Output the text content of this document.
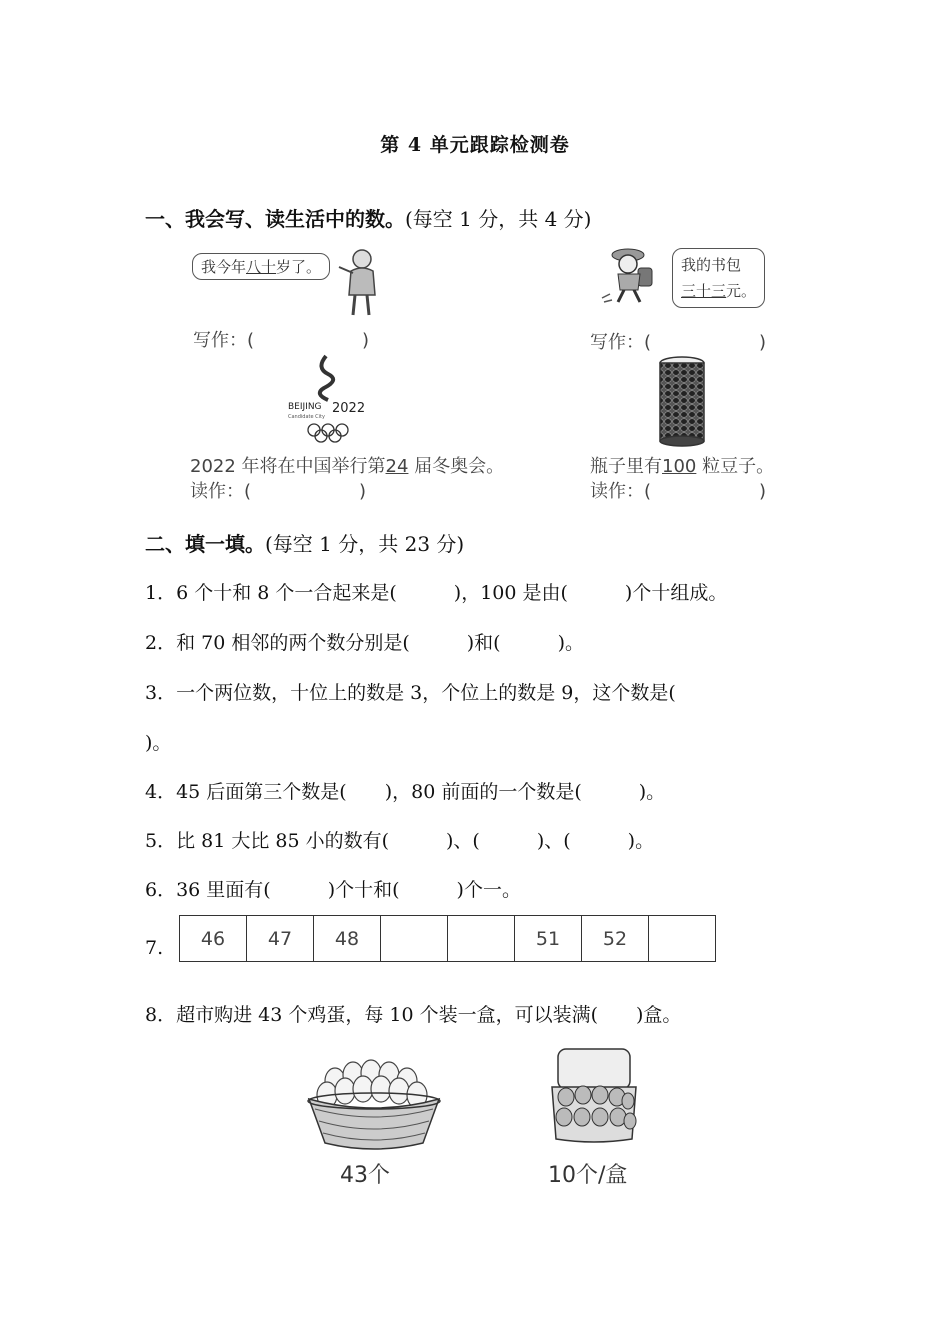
第 4 单元跟踪检测卷
一、我会写、读生活中的数。(每空 1 分，共 4 分)
我今年八十岁了。
写作：(　　　　　　)
我的书包
三十三元。
写作：(　　　　　　)
BEIJING
Candidate City
2022
2022 年将在中国举行第24 届冬奥会。
读作：(　　　　　　)
瓶子里有100 粒豆子。
读作：(　　　　　　)
二、填一填。(每空 1 分，共 23 分)
1．6 个十和 8 个一合起来是(　　　)，100 是由(　　　)个十组成。
2．和 70 相邻的两个数分别是(　　　)和(　　　)。
3．一个两位数，十位上的数是 3，个位上的数是 9，这个数是(
)。
4．45 后面第三个数是(　　)，80 前面的一个数是(　　　)。
5．比 81 大比 85 小的数有(　　　)、(　　　)、(　　　)。
6．36 里面有(　　　)个十和(　　　)个一。
7. 46	47	48			51	52	
8．超市购进 43 个鸡蛋，每 10 个装一盒，可以装满(　　)盒。
43个	10个/盒
